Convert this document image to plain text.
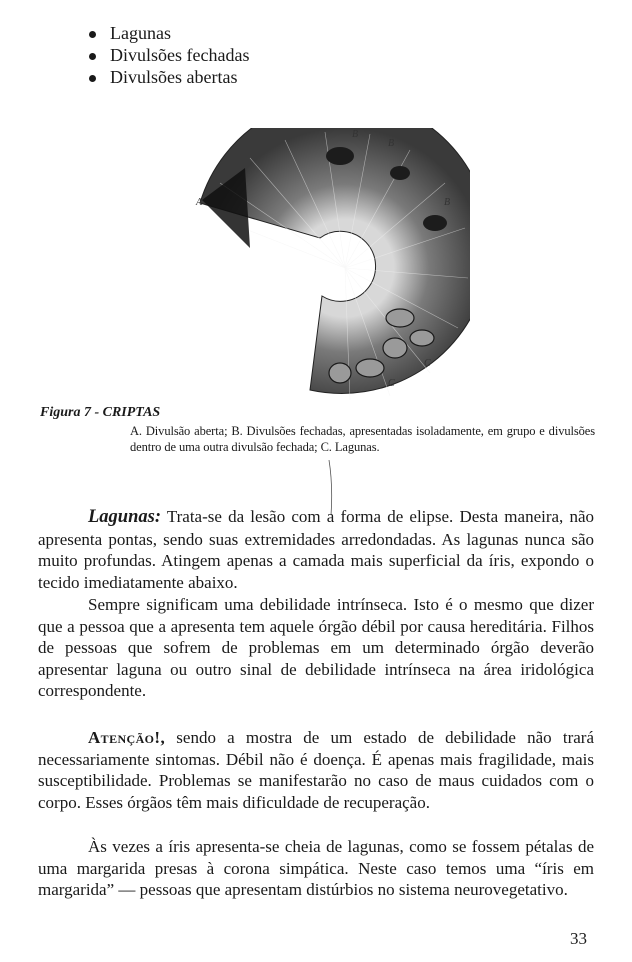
Lagunas
Divulsões fechadas
Divulsões abertas
B
B
A	B
C
C
Figura 7 - CRIPTAS
A. Divulsão aberta; B. Divulsões fechadas, apresentadas isoladamente, em grupo e divulsões dentro de uma outra divulsão fechada; C. Lagunas.

Lagunas: Trata-se da lesão com a forma de elipse. Desta maneira, não apresenta pontas, sendo suas extremidades arredondadas. As lagunas nunca são muito profundas. Atingem apenas a camada mais superficial da íris, expondo o tecido imediatamente abaixo.

Sempre significam uma debilidade intrínseca. Isto é o mesmo que dizer que a pessoa que a apresenta tem aquele órgão débil por causa hereditária. Filhos de pessoas que sofrem de problemas em um determinado órgão deverão apresentar laguna ou outro sinal de debilidade intrínseca na área iridológica correspondente.

Atenção!, sendo a mostra de um estado de debilidade não trará necessariamente sintomas. Débil não é doença. É apenas mais fragilidade, mais susceptibilidade. Problemas se manifestarão no caso de maus cuidados com o corpo. Esses órgãos têm mais dificuldade de recuperação.

Às vezes a íris apresenta-se cheia de lagunas, como se fossem pétalas de uma margarida presas à corona simpática. Neste caso temos uma “íris em margarida” — pessoas que apresentam distúrbios no sistema neurovegetativo.

33
